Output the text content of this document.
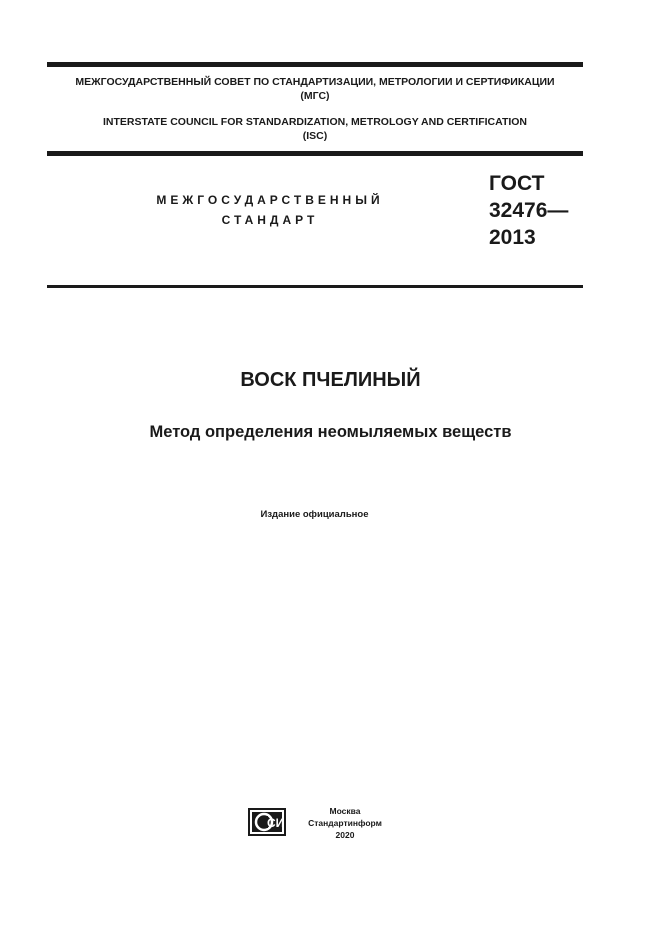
МЕЖГОСУДАРСТВЕННЫЙ СОВЕТ ПО СТАНДАРТИЗАЦИИ, МЕТРОЛОГИИ И СЕРТИФИКАЦИИ
(МГС)
INTERSTATE COUNCIL FOR STANDARDIZATION, METROLOGY AND CERTIFICATION
(ISC)
МЕЖГОСУДАРСТВЕННЫЙ
СТАНДАРТ
ГОСТ
32476—
2013
ВОСК ПЧЕЛИНЫЙ
Метод определения неомыляемых веществ
Издание официальное
СИ
Москва
Стандартинформ
2020
